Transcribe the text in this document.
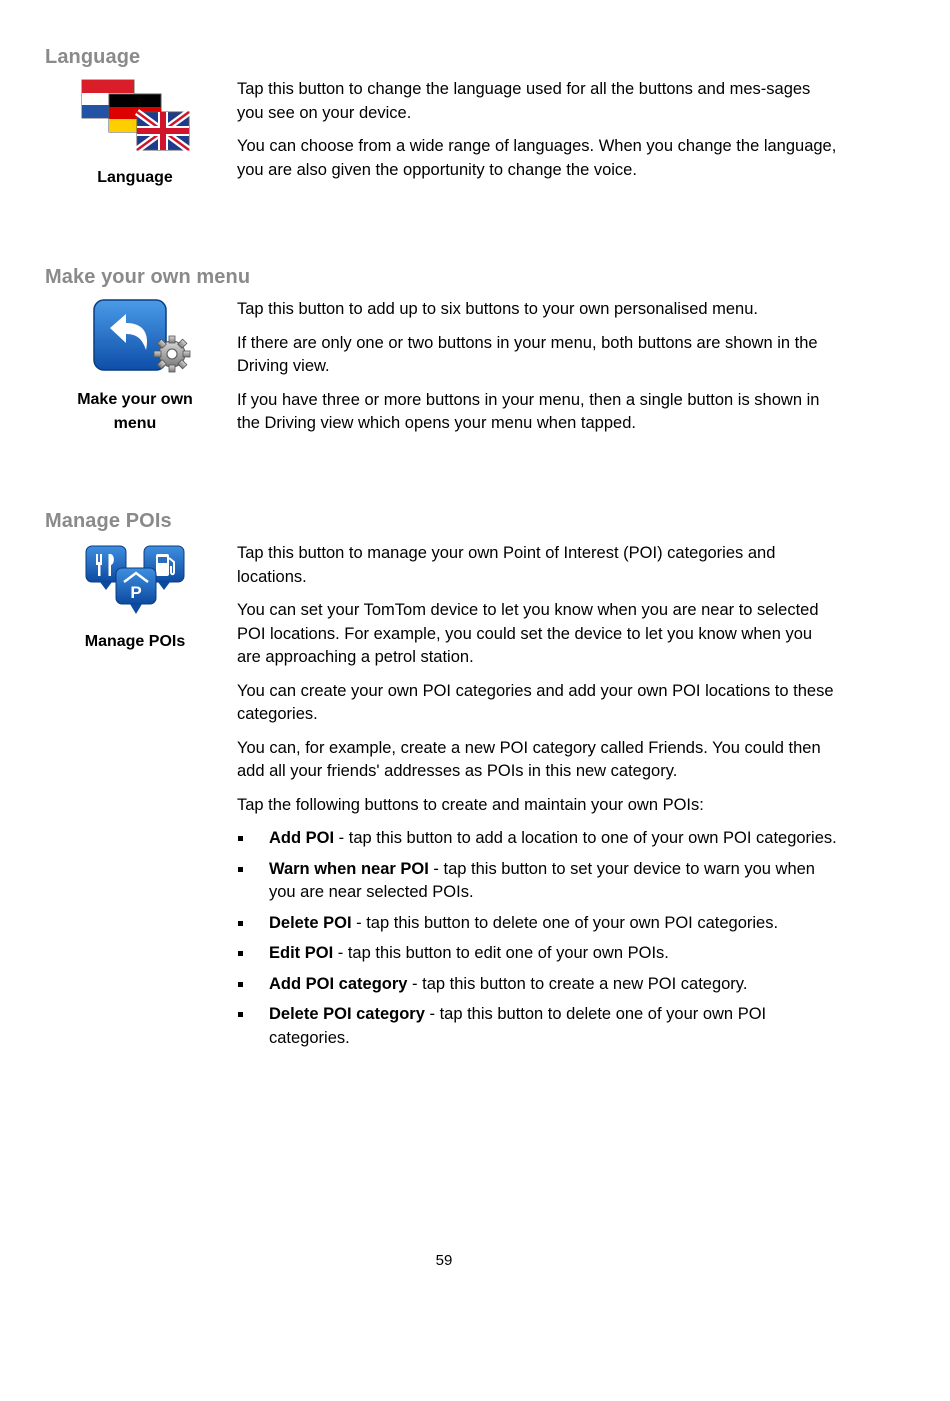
Language
Language

Tap this button to change the language used for all the buttons and mes-sages you see on your device.

You can choose from a wide range of languages. When you change the language, you are also given the opportunity to change the voice.

Make your own menu
Make your own menu

Tap this button to add up to six buttons to your own personalised menu.

If there are only one or two buttons in your menu, both buttons are shown in the Driving view.

If you have three or more buttons in your menu, then a single button is shown in the Driving view which opens your menu when tapped.

Manage POIs
P
Manage POIs

Tap this button to manage your own Point of Interest (POI) categories and locations.

You can set your TomTom device to let you know when you are near to selected POI locations. For example, you could set the device to let you know when you are approaching a petrol station.

You can create your own POI categories and add your own POI locations to these categories.

You can, for example, create a new POI category called Friends. You could then add all your friends' addresses as POIs in this new category.

Tap the following buttons to create and maintain your own POIs:

Add POI - tap this button to add a location to one of your own POI categories.
Warn when near POI - tap this button to set your device to warn you when you are near selected POIs.
Delete POI - tap this button to delete one of your own POI categories.
Edit POI - tap this button to edit one of your own POIs.
Add POI category - tap this button to create a new POI category.
Delete POI category - tap this button to delete one of your own POI categories.
59
